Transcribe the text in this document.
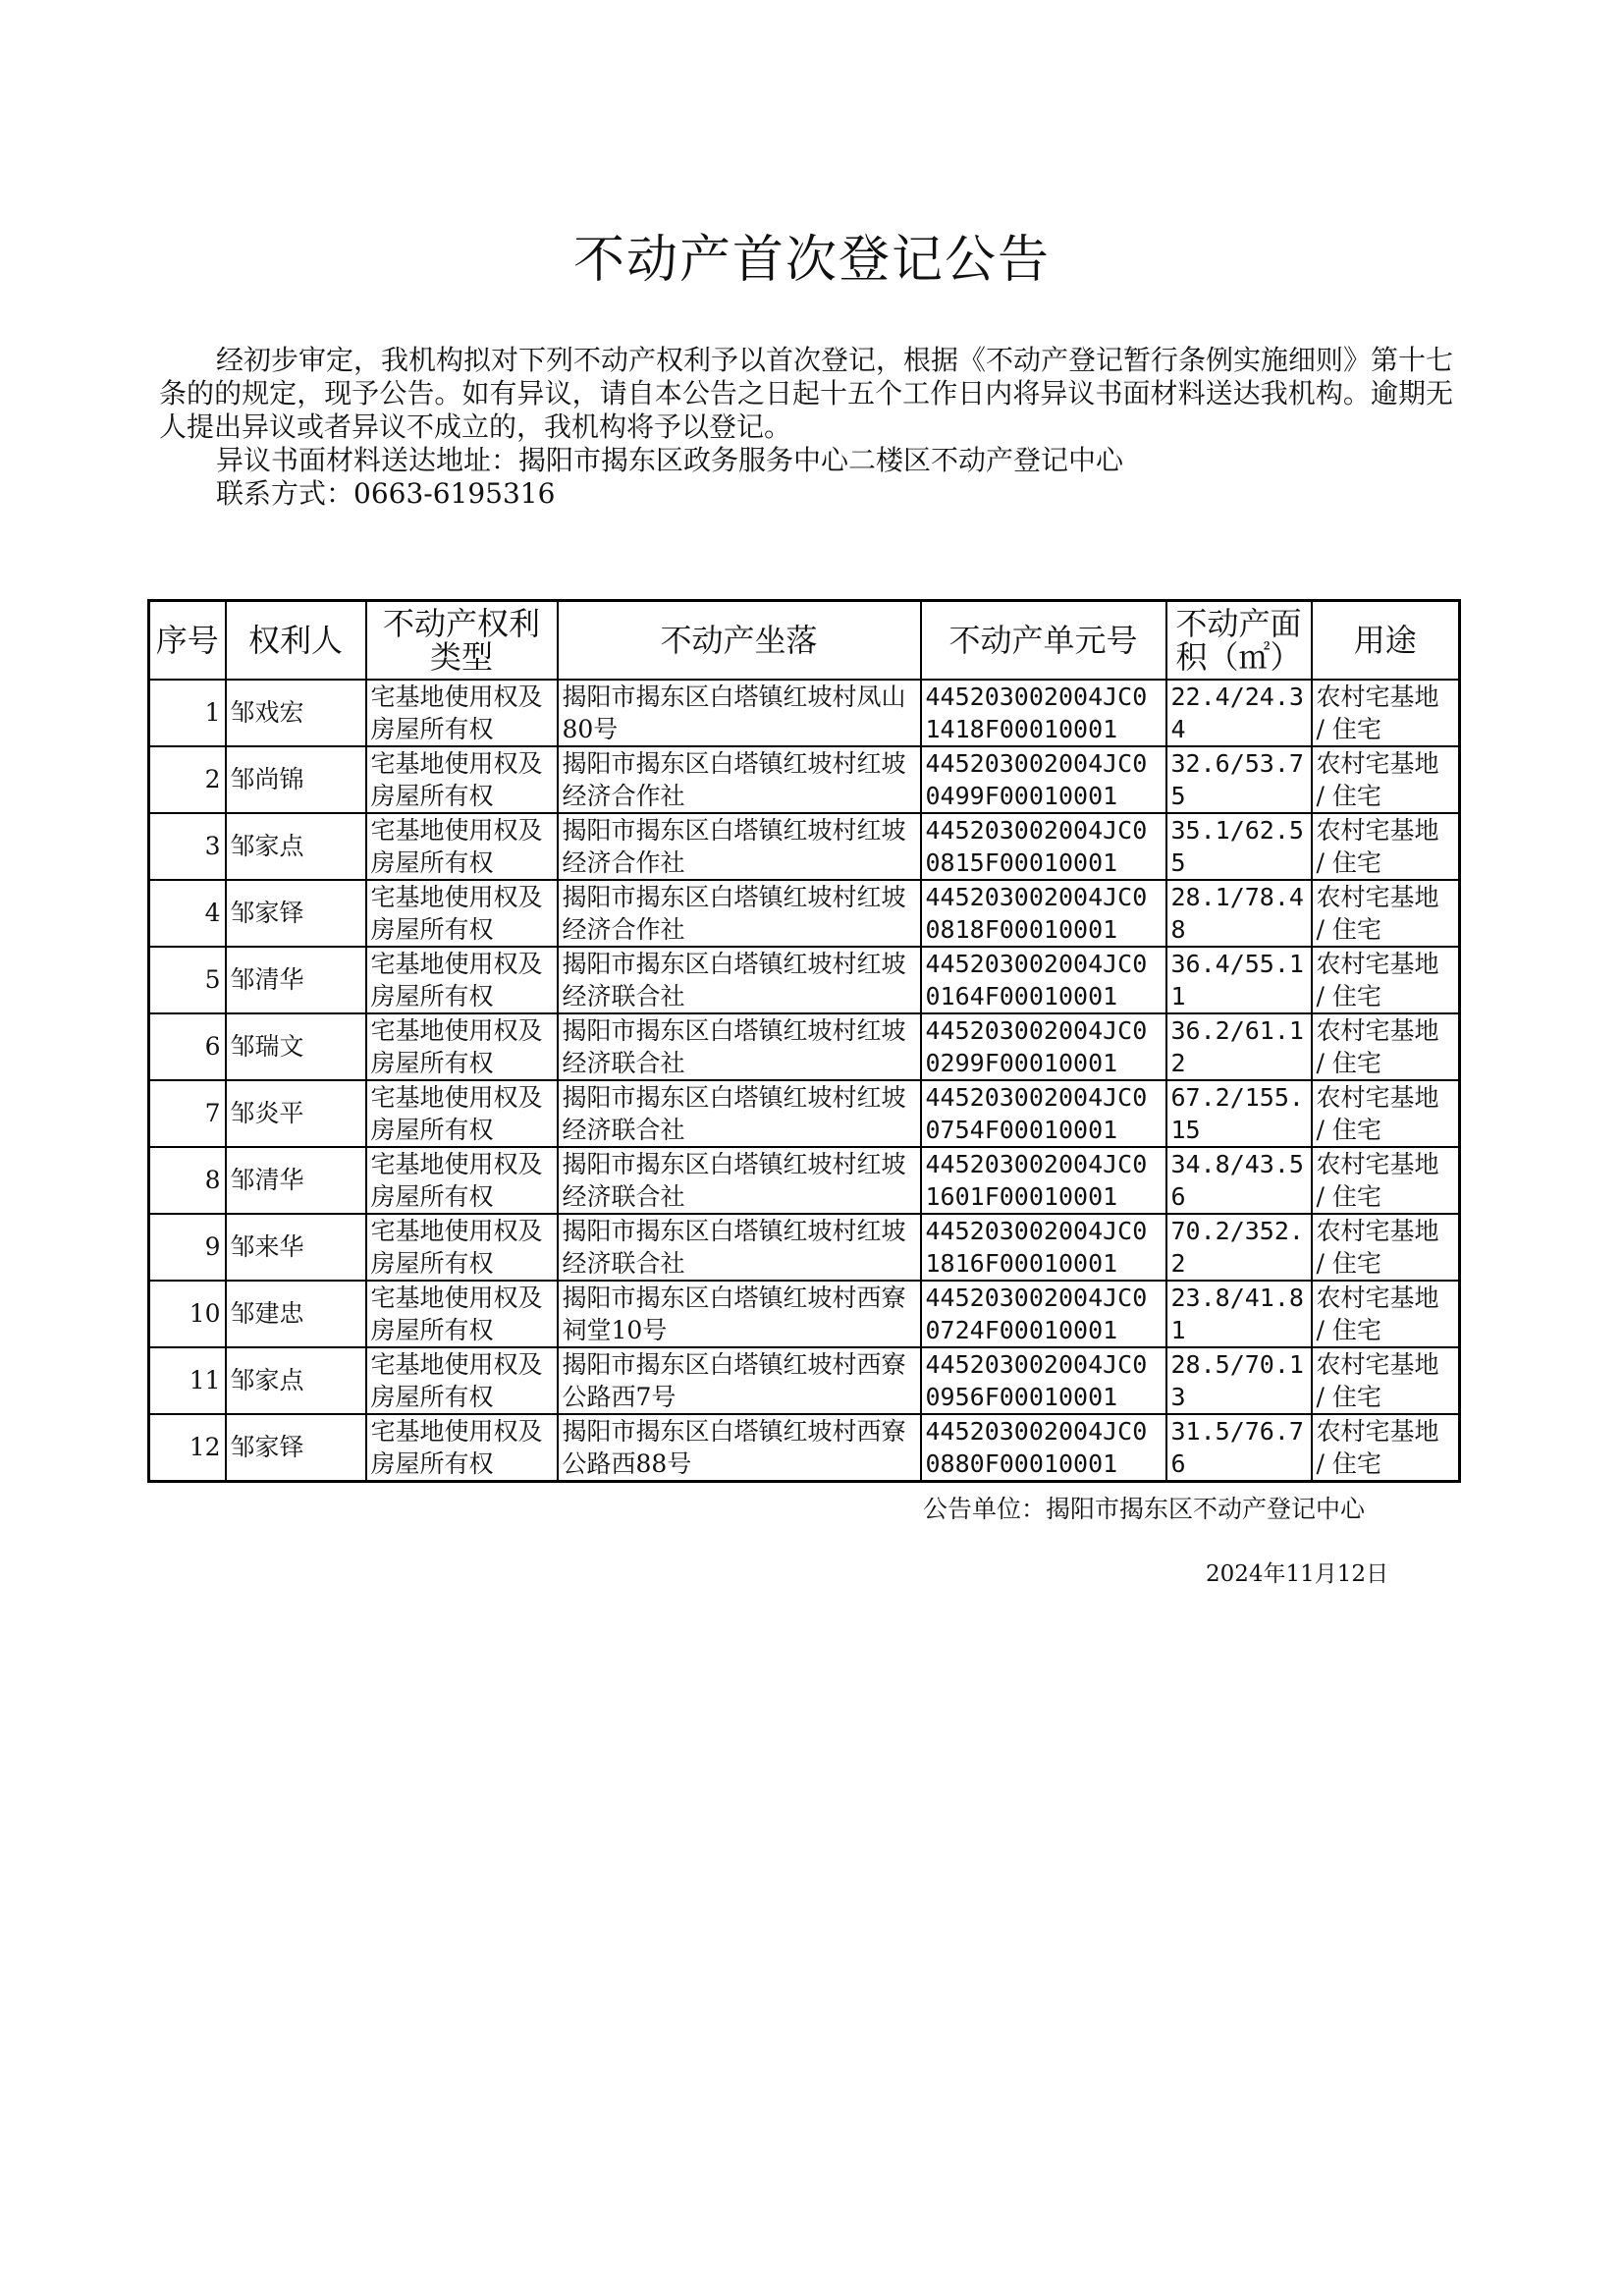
不动产首次登记公告

经初步审定，我机构拟对下列不动产权利予以首次登记，根据《不动产登记暂行条例实施细则》第十七条的的规定，现予公告。如有异议，请自本公告之日起十五个工作日内将异议书面材料送达我机构。逾期无人提出异议或者异议不成立的，我机构将予以登记。

异议书面材料送达地址：揭阳市揭东区政务服务中心二楼区不动产登记中心

联系方式：0663-6195316

序号	权利人	不动产权利类型	不动产坐落	不动产单元号	不动产面积（㎡）	用途
1	邹戏宏	宅基地使用权及房屋所有权	揭阳市揭东区白塔镇红坡村凤山80号	445203002004JC01418F00010001	22.4/24.34	农村宅基地 / 住宅
2	邹尚锦	宅基地使用权及房屋所有权	揭阳市揭东区白塔镇红坡村红坡经济合作社	445203002004JC00499F00010001	32.6/53.75	农村宅基地 / 住宅
3	邹家点	宅基地使用权及房屋所有权	揭阳市揭东区白塔镇红坡村红坡经济合作社	445203002004JC00815F00010001	35.1/62.55	农村宅基地 / 住宅
4	邹家铎	宅基地使用权及房屋所有权	揭阳市揭东区白塔镇红坡村红坡经济合作社	445203002004JC00818F00010001	28.1/78.48	农村宅基地 / 住宅
5	邹清华	宅基地使用权及房屋所有权	揭阳市揭东区白塔镇红坡村红坡经济联合社	445203002004JC00164F00010001	36.4/55.11	农村宅基地 / 住宅
6	邹瑞文	宅基地使用权及房屋所有权	揭阳市揭东区白塔镇红坡村红坡经济联合社	445203002004JC00299F00010001	36.2/61.12	农村宅基地 / 住宅
7	邹炎平	宅基地使用权及房屋所有权	揭阳市揭东区白塔镇红坡村红坡经济联合社	445203002004JC00754F00010001	67.2/155.15	农村宅基地 / 住宅
8	邹清华	宅基地使用权及房屋所有权	揭阳市揭东区白塔镇红坡村红坡经济联合社	445203002004JC01601F00010001	34.8/43.56	农村宅基地 / 住宅
9	邹来华	宅基地使用权及房屋所有权	揭阳市揭东区白塔镇红坡村红坡经济联合社	445203002004JC01816F00010001	70.2/352.2	农村宅基地 / 住宅
10	邹建忠	宅基地使用权及房屋所有权	揭阳市揭东区白塔镇红坡村西寮祠堂10号	445203002004JC00724F00010001	23.8/41.81	农村宅基地 / 住宅
11	邹家点	宅基地使用权及房屋所有权	揭阳市揭东区白塔镇红坡村西寮公路西7号	445203002004JC00956F00010001	28.5/70.13	农村宅基地 / 住宅
12	邹家铎	宅基地使用权及房屋所有权	揭阳市揭东区白塔镇红坡村西寮公路西88号	445203002004JC00880F00010001	31.5/76.76	农村宅基地 / 住宅

公告单位：揭阳市揭东区不动产登记中心

2024年11月12日
